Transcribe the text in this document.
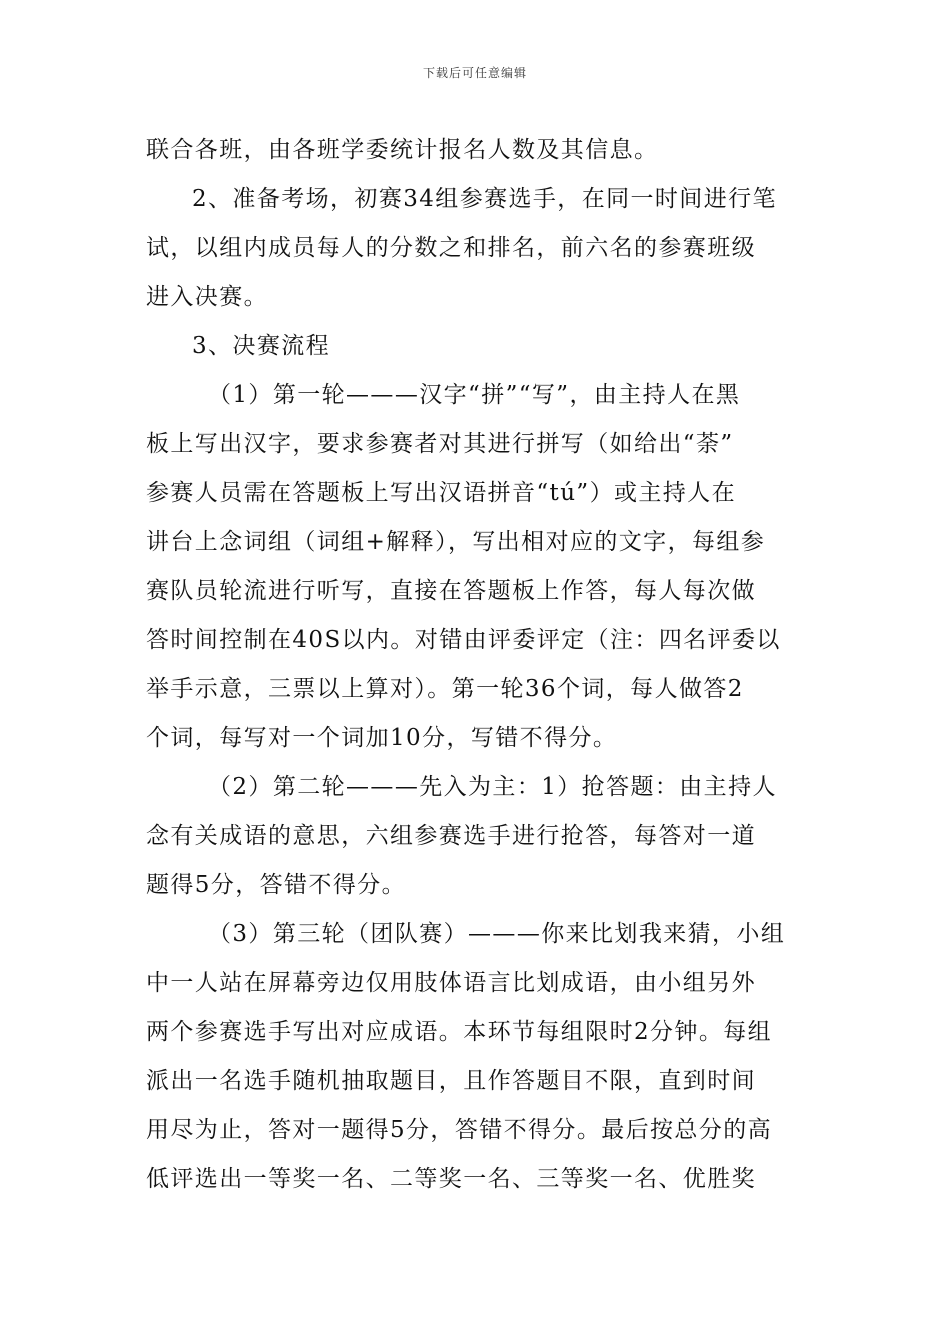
下载后可任意编辑
联合各班，由各班学委统计报名人数及其信息。
2、准备考场，初赛34组参赛选手，在同一时间进行笔
试，以组内成员每人的分数之和排名，前六名的参赛班级
进入决赛。
3、决赛流程
（1）第一轮———汉字“拼”“写”，由主持人在黑
板上写出汉字，要求参赛者对其进行拼写（如给出“荼”
参赛人员需在答题板上写出汉语拼音“tú”）或主持人在
讲台上念词组（词组+解释），写出相对应的文字，每组参
赛队员轮流进行听写，直接在答题板上作答，每人每次做
答时间控制在40S以内。对错由评委评定（注：四名评委以
举手示意，三票以上算对）。第一轮36个词，每人做答2
个词，每写对一个词加10分，写错不得分。
（2）第二轮———先入为主：1）抢答题：由主持人
念有关成语的意思，六组参赛选手进行抢答，每答对一道
题得5分，答错不得分。
（3）第三轮（团队赛）———你来比划我来猜，小组
中一人站在屏幕旁边仅用肢体语言比划成语，由小组另外
两个参赛选手写出对应成语。本环节每组限时2分钟。每组
派出一名选手随机抽取题目，且作答题目不限，直到时间
用尽为止，答对一题得5分，答错不得分。最后按总分的高
低评选出一等奖一名、二等奖一名、三等奖一名、优胜奖
